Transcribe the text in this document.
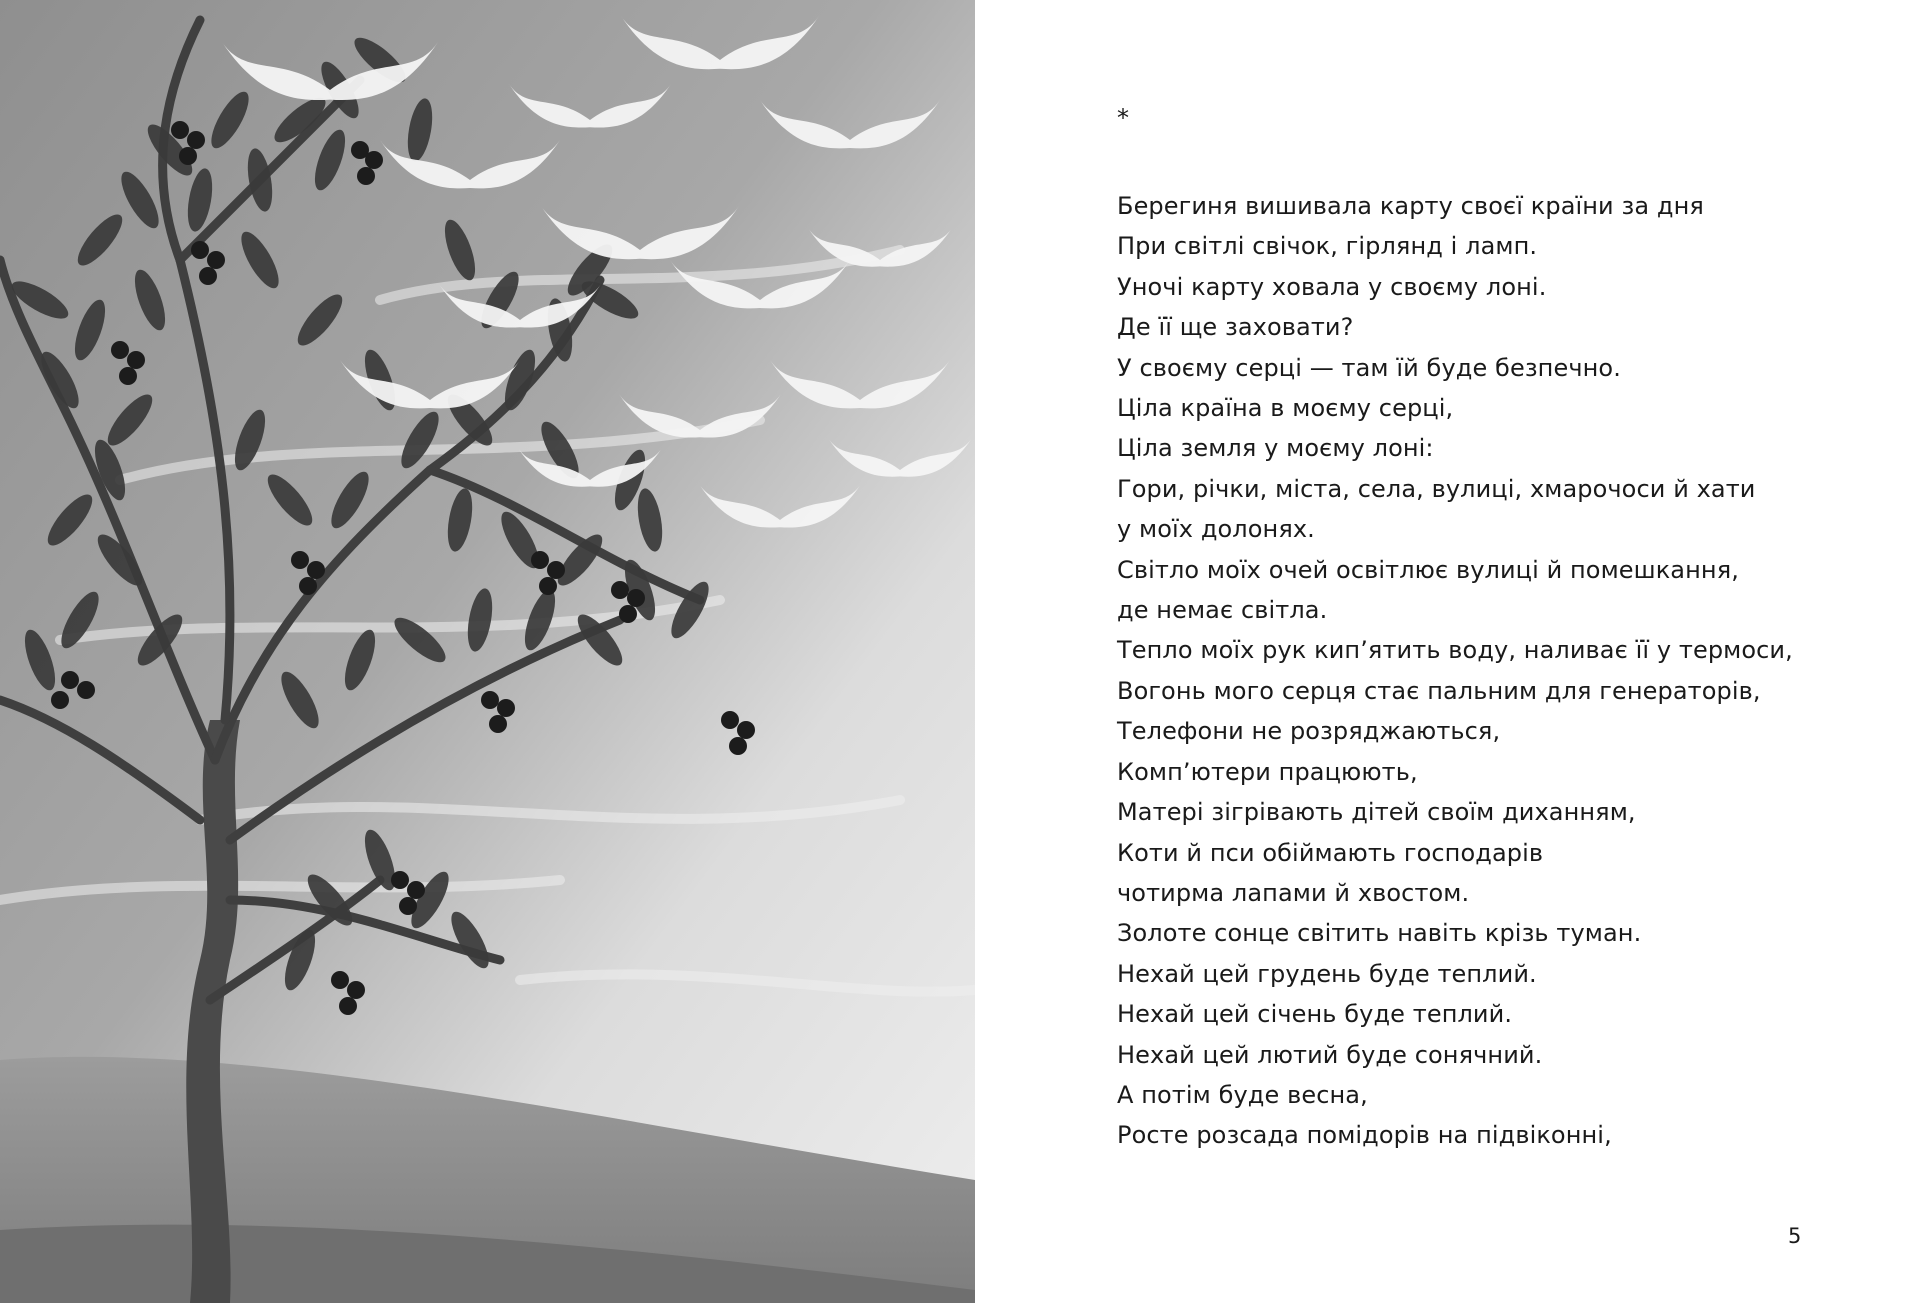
*
Берегиня вишивала карту своєї країни за дня
При світлі свічок, гірлянд і ламп.
Уночі карту ховала у своєму лоні.
Де її ще заховати?
У своєму серці — там їй буде безпечно.
Ціла країна в моєму серці,
Ціла земля у моєму лоні:
Гори, річки, міста, села, вулиці, хмарочоси й хати
у моїх долонях.
Світло моїх очей освітлює вулиці й помешкання,
де немає світла.
Тепло моїх рук кип’ятить воду, наливає її у термоси,
Вогонь мого серця стає пальним для генераторів,
Телефони не розряджаються,
Комп’ютери працюють,
Матері зігрівають дітей своїм диханням,
Коти й пси обіймають господарів
чотирма лапами й хвостом.
Золоте сонце світить навіть крізь туман.
Нехай цей грудень буде теплий.
Нехай цей січень буде теплий.
Нехай цей лютий буде сонячний.
А потім буде весна,
Росте розсада помідорів на підвіконні,
5
